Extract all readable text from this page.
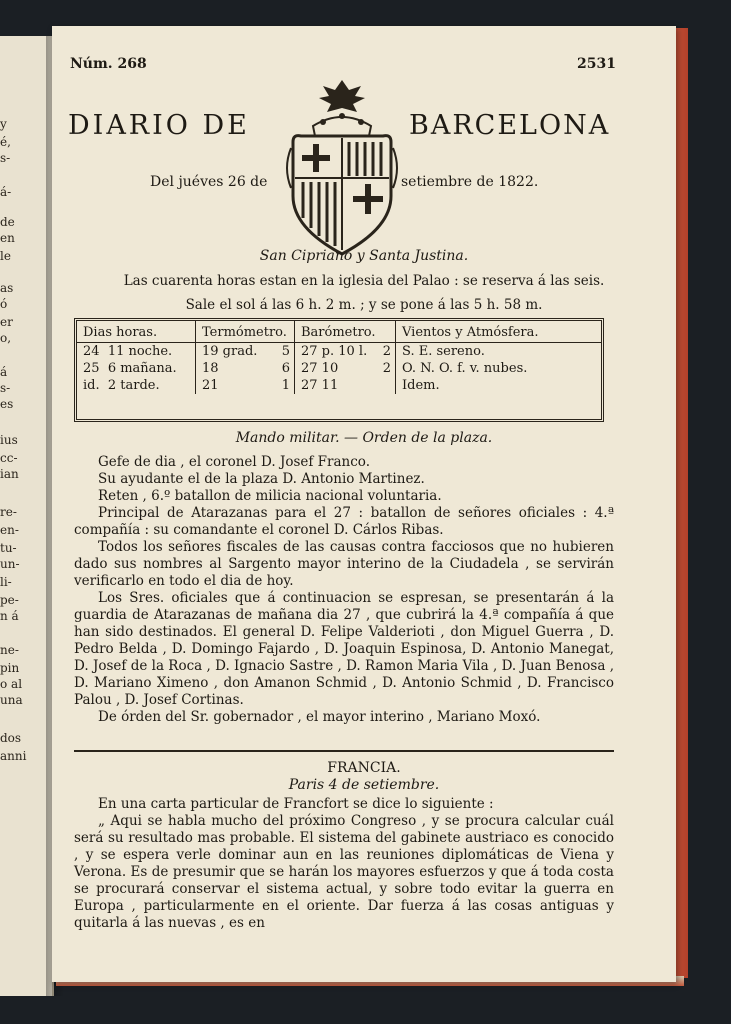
y
é,
s-
á-
de
en
le
as
ó
er
o,
á
s-
es
ius
cc-
ian
re-
en-
tu-
un-
li-
pe-
n á
ne-
pin
o al
una
dos
anni
Núm. 268	2531
DIARIO DE	BARCELONA
Del juéves 26 de	setiembre de 1822.
San Cipriano y Santa Justina.
Las cuarenta horas estan en la iglesia del Palao : se reserva á las seis.
Sale el sol á las 6 h. 2 m. ; y se pone á las 5 h. 58 m.
Dias horas.	Termómetro.	Barómetro.	Vientos y Atmósfera.
24 11 noche.	19 grad. 5	27 p. 10 l. 2	S. E. sereno.
25 6 mañana.	18 6	27 10 2	O. N. O. f. v. nubes.
id. 2 tarde.	21 1	27 11	Idem.
Mando militar. — Orden de la plaza.

Gefe de dia , el coronel D. Josef Franco.

Su ayudante el de la plaza D. Antonio Martinez.

Reten , 6.º batallon de milicia nacional voluntaria.

Principal de Atarazanas para el 27 : batallon de señores oficiales : 4.ª compañía : su comandante el coronel D. Cárlos Ribas.

Todos los señores fiscales de las causas contra facciosos que no hubieren dado sus nombres al Sargento mayor interino de la Ciudadela , se servirán verificarlo en todo el dia de hoy.

Los Sres. oficiales que á continuacion se espresan, se presentarán á la guardia de Atarazanas de mañana dia 27 , que cubrirá la 4.ª compañía á que han sido destinados. El general D. Felipe Valderioti , don Miguel Guerra , D. Pedro Belda , D. Domingo Fajardo , D. Joaquin Espinosa, D. Antonio Manegat, D. Josef de la Roca , D. Ignacio Sastre , D. Ramon Maria Vila , D. Juan Benosa , D. Mariano Ximeno , don Amanon Schmid , D. Antonio Schmid , D. Francisco Palou , D. Josef Cortinas.

De órden del Sr. gobernador , el mayor interino , Mariano Moxó.

FRANCIA.
Paris 4 de setiembre.

En una carta particular de Francfort se dice lo siguiente :

„ Aqui se habla mucho del próximo Congreso , y se procura calcular cuál será su resultado mas probable. El sistema del gabinete austriaco es conocido , y se espera verle dominar aun en las reuniones diplomáticas de Viena y Verona. Es de presumir que se harán los mayores esfuerzos y que á toda costa se procurará conservar el sistema actual, y sobre todo evitar la guerra en Europa , particularmente en el oriente. Dar fuerza á las cosas antiguas y quitarla á las nuevas , es en
